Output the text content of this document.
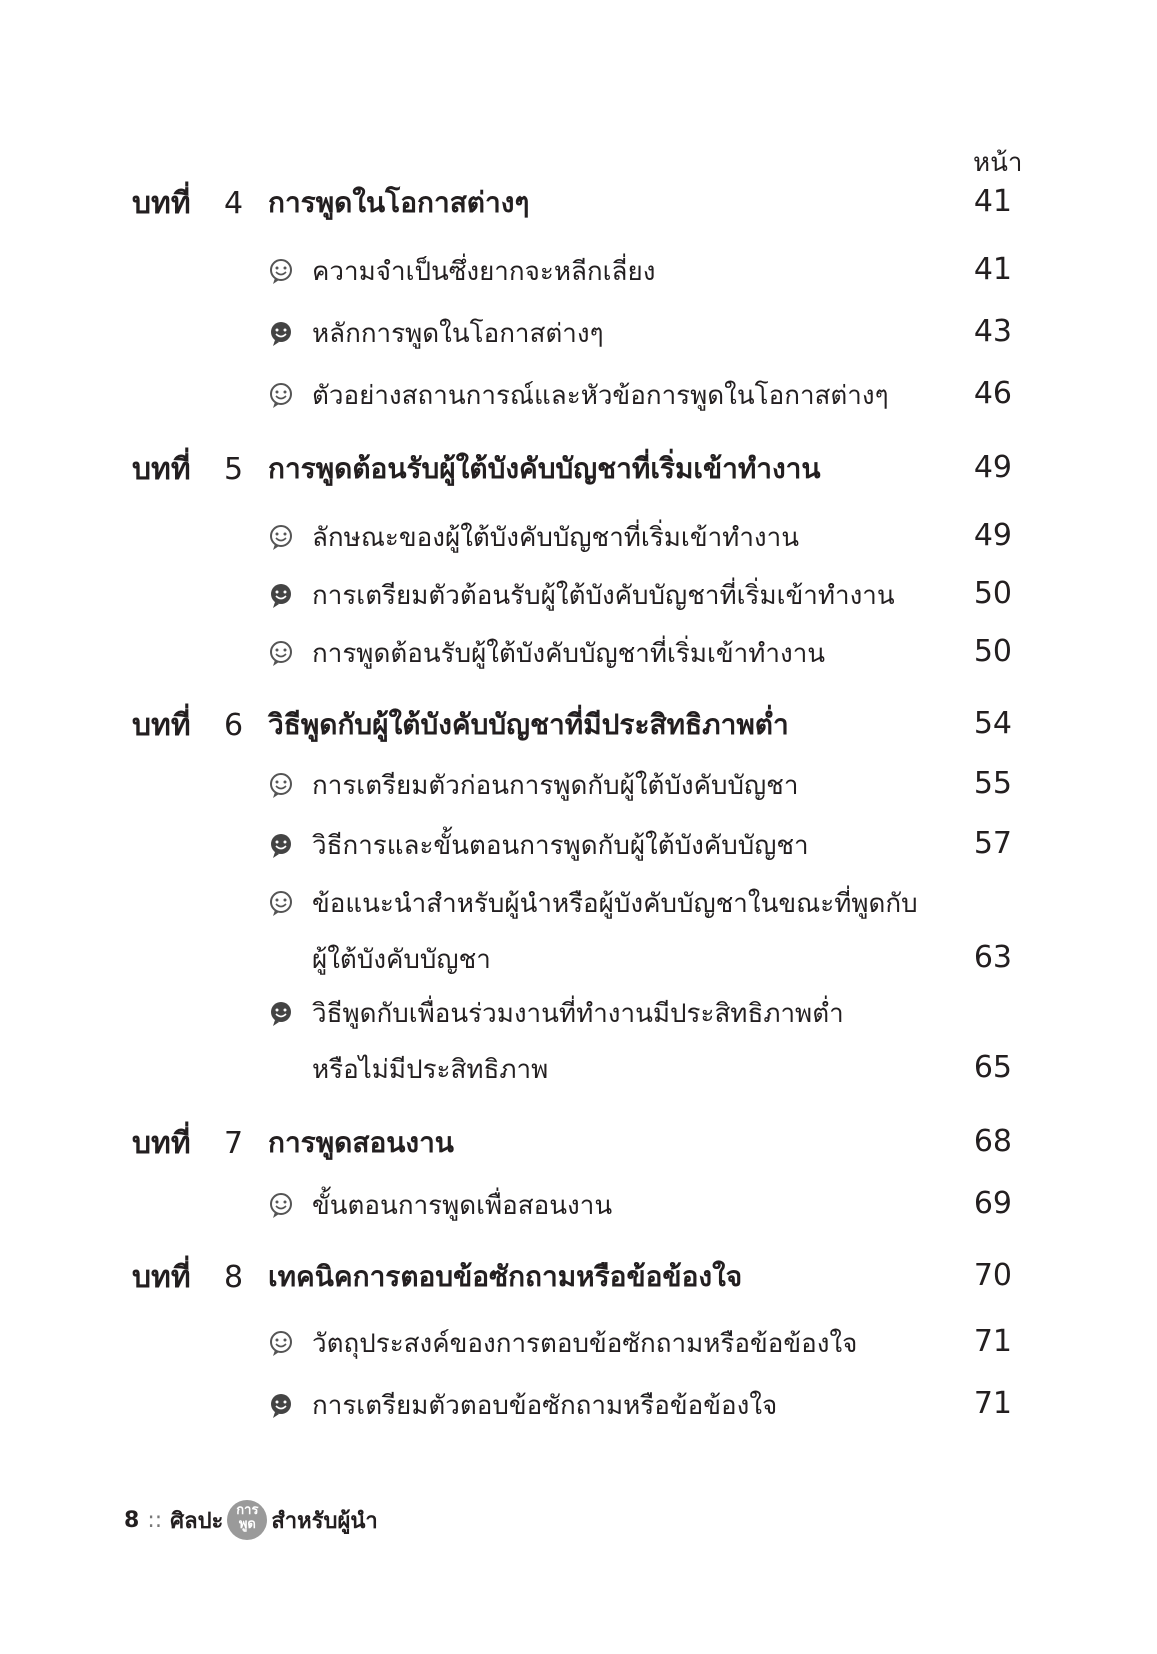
หน้า
บทที่	4 การพูดในโอกาสต่างๆ	41
ความจำเป็นซึ่งยากจะหลีกเลี่ยง	41
หลักการพูดในโอกาสต่างๆ	43
ตัวอย่างสถานการณ์และหัวข้อการพูดในโอกาสต่างๆ	46
บทที่	5 การพูดต้อนรับผู้ใต้บังคับบัญชาที่เริ่มเข้าทำงาน	49
ลักษณะของผู้ใต้บังคับบัญชาที่เริ่มเข้าทำงาน	49
การเตรียมตัวต้อนรับผู้ใต้บังคับบัญชาที่เริ่มเข้าทำงาน	50
การพูดต้อนรับผู้ใต้บังคับบัญชาที่เริ่มเข้าทำงาน	50
บทที่	6 วิธีพูดกับผู้ใต้บังคับบัญชาที่มีประสิทธิภาพต่ำ	54
การเตรียมตัวก่อนการพูดกับผู้ใต้บังคับบัญชา	55
วิธีการและขั้นตอนการพูดกับผู้ใต้บังคับบัญชา	57
ข้อแนะนำสำหรับผู้นำหรือผู้บังคับบัญชาในขณะที่พูดกับ
ผู้ใต้บังคับบัญชา	63
วิธีพูดกับเพื่อนร่วมงานที่ทำงานมีประสิทธิภาพต่ำ
หรือไม่มีประสิทธิภาพ	65
บทที่	7 การพูดสอนงาน	68
ขั้นตอนการพูดเพื่อสอนงาน	69
บทที่	8 เทคนิคการตอบข้อซักถามหรือข้อข้องใจ	70
วัตถุประสงค์ของการตอบข้อซักถามหรือข้อข้องใจ	71
การเตรียมตัวตอบข้อซักถามหรือข้อข้องใจ	71
8 :: ศิลปะ การ
พูด สำหรับผู้นำ
